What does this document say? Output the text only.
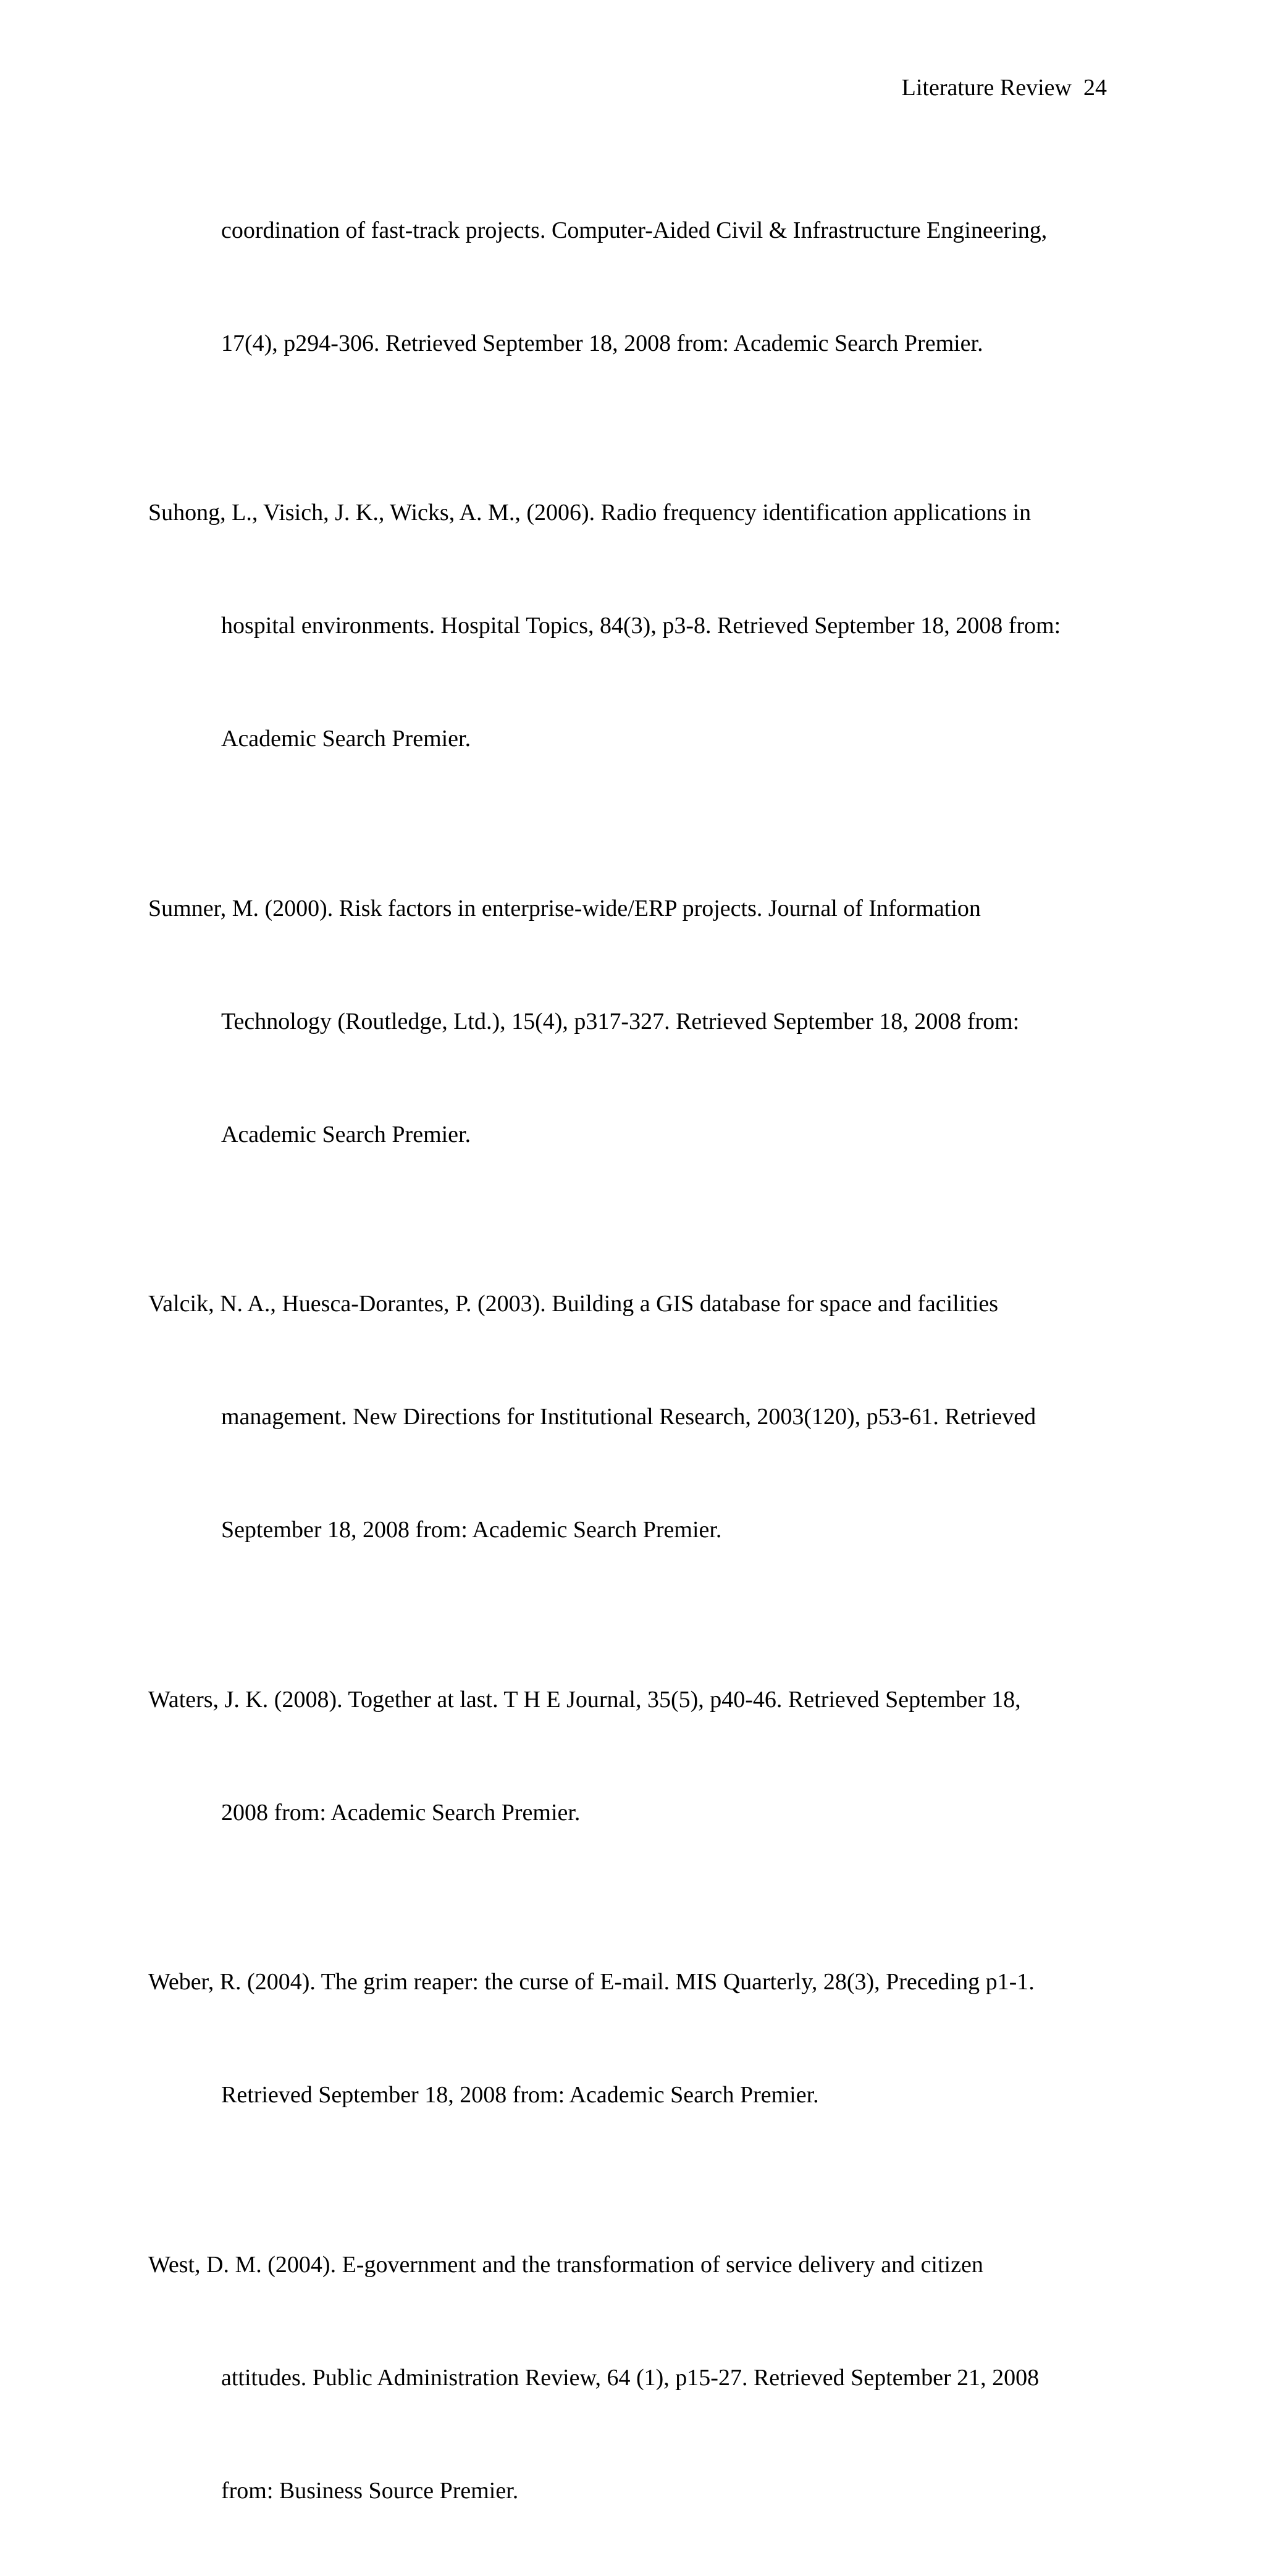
Literature Review 24

coordination of fast-track projects. Computer-Aided Civil & Infrastructure Engineering,

17(4), p294-306. Retrieved September 18, 2008 from: Academic Search Premier.

Suhong, L., Visich, J. K., Wicks, A. M., (2006). Radio frequency identification applications in

hospital environments. Hospital Topics, 84(3), p3-8. Retrieved September 18, 2008 from:

Academic Search Premier.

Sumner, M. (2000). Risk factors in enterprise-wide/ERP projects. Journal of Information

Technology (Routledge, Ltd.), 15(4), p317-327. Retrieved September 18, 2008 from:

Academic Search Premier.

Valcik, N. A., Huesca-Dorantes, P. (2003). Building a GIS database for space and facilities

management. New Directions for Institutional Research, 2003(120), p53-61. Retrieved

September 18, 2008 from: Academic Search Premier.

Waters, J. K. (2008). Together at last. T H E Journal, 35(5), p40-46. Retrieved September 18,

2008 from: Academic Search Premier.

Weber, R. (2004). The grim reaper: the curse of E-mail. MIS Quarterly, 28(3), Preceding p1-1.

Retrieved September 18, 2008 from: Academic Search Premier.

West, D. M. (2004). E-government and the transformation of service delivery and citizen

attitudes. Public Administration Review, 64 (1), p15-27. Retrieved September 21, 2008

from: Business Source Premier.
